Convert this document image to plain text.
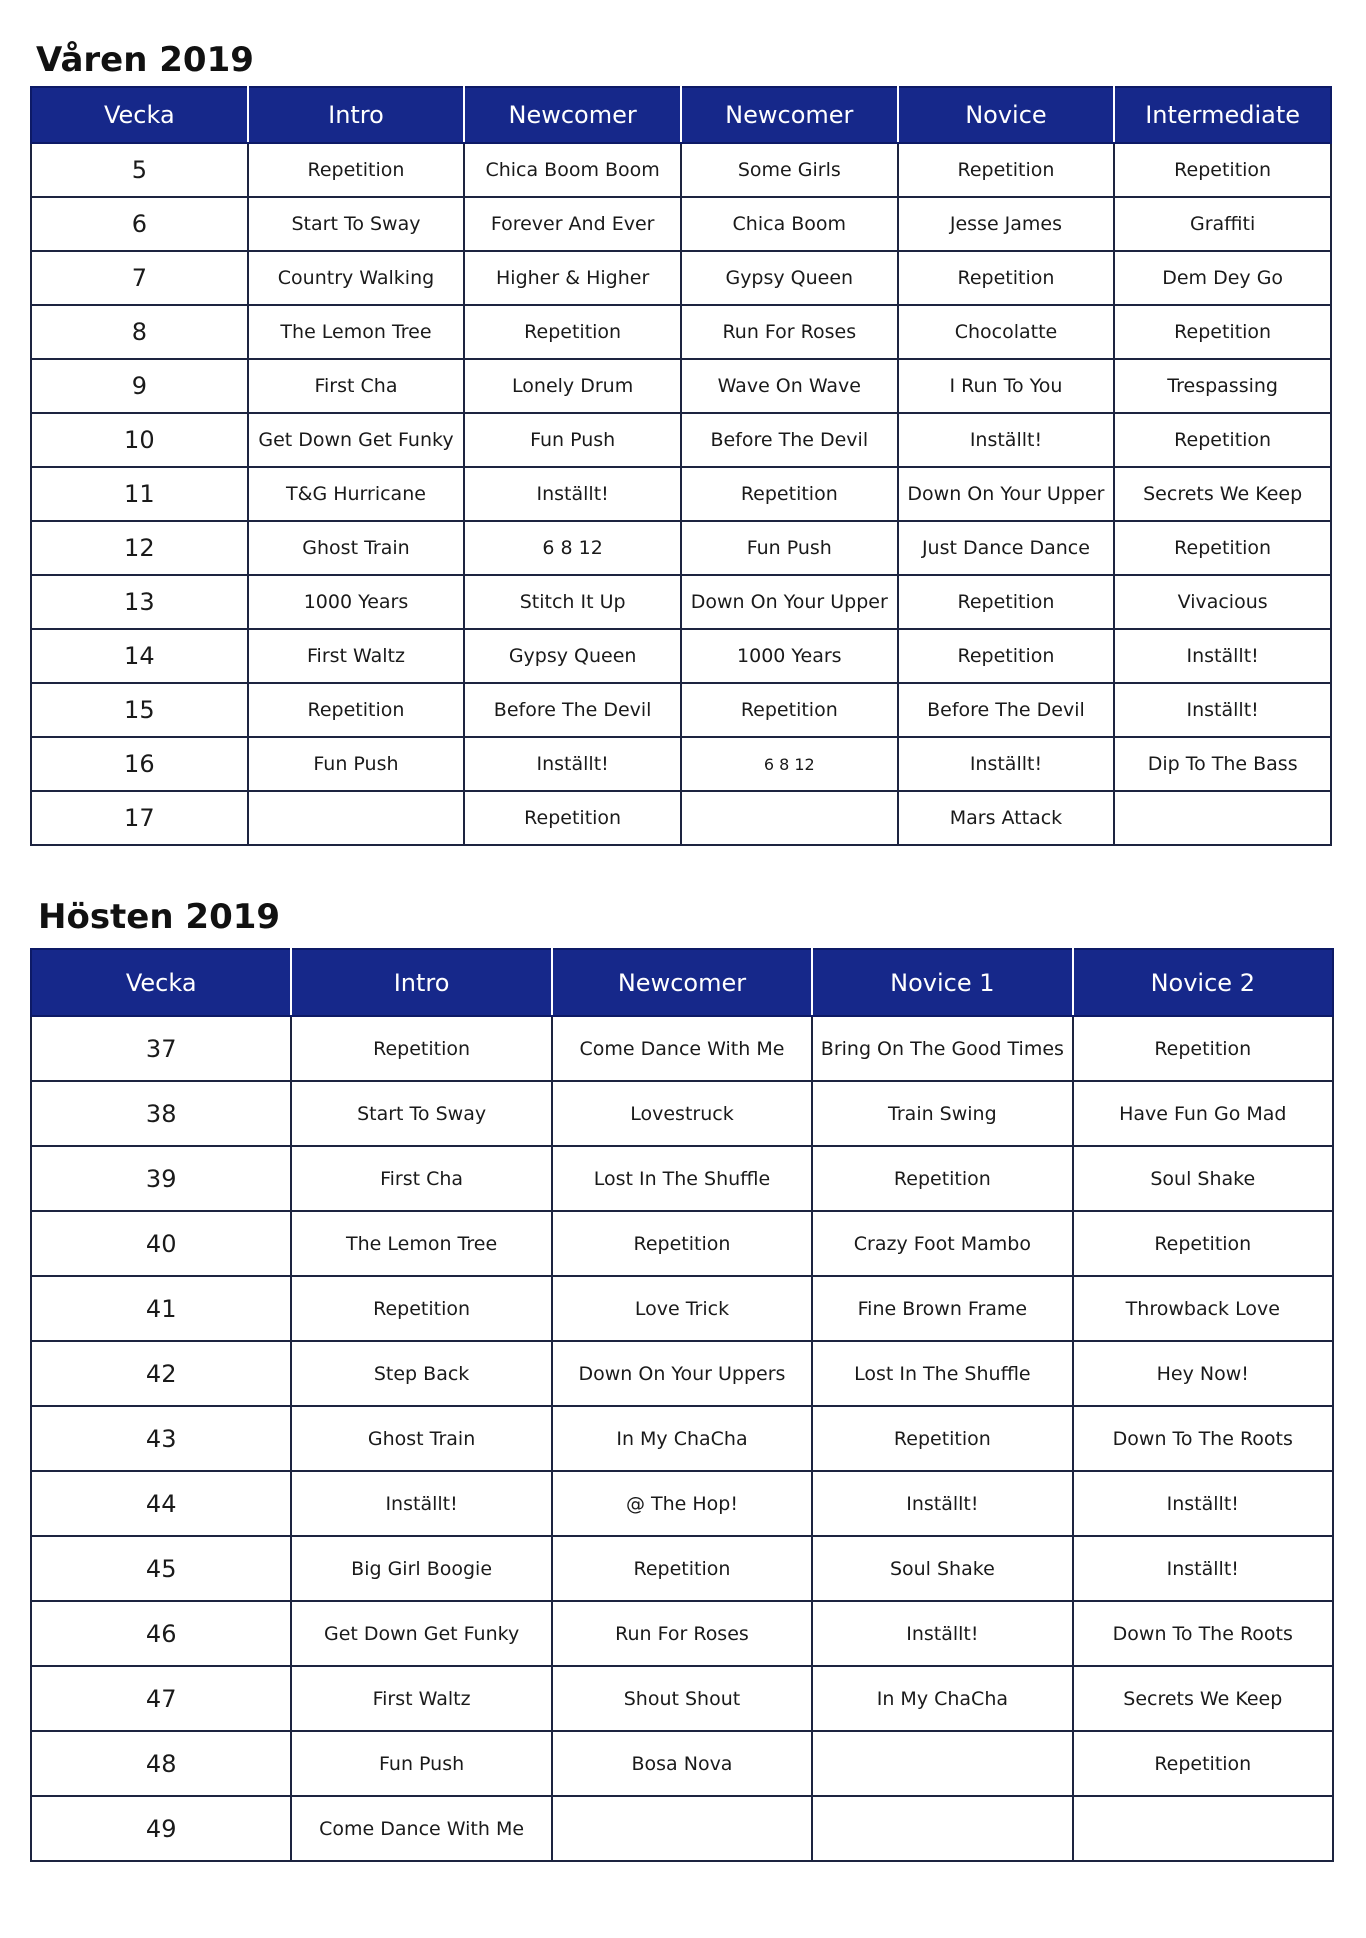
Våren 2019
Vecka	Intro	Newcomer	Newcomer	Novice	Intermediate
5	Repetition	Chica Boom Boom	Some Girls	Repetition	Repetition
6	Start To Sway	Forever And Ever	Chica Boom	Jesse James	Graffiti
7	Country Walking	Higher & Higher	Gypsy Queen	Repetition	Dem Dey Go
8	The Lemon Tree	Repetition	Run For Roses	Chocolatte	Repetition
9	First Cha	Lonely Drum	Wave On Wave	I Run To You	Trespassing
10	Get Down Get Funky	Fun Push	Before The Devil	Inställt!	Repetition
11	T&G Hurricane	Inställt!	Repetition	Down On Your Upper	Secrets We Keep
12	Ghost Train	6 8 12	Fun Push	Just Dance Dance	Repetition
13	1000 Years	Stitch It Up	Down On Your Upper	Repetition	Vivacious
14	First Waltz	Gypsy Queen	1000 Years	Repetition	Inställt!
15	Repetition	Before The Devil	Repetition	Before The Devil	Inställt!
16	Fun Push	Inställt!	6 8 12	Inställt!	Dip To The Bass
17		Repetition		Mars Attack	
Hösten 2019
Vecka	Intro	Newcomer	Novice 1	Novice 2
37	Repetition	Come Dance With Me	Bring On The Good Times	Repetition
38	Start To Sway	Lovestruck	Train Swing	Have Fun Go Mad
39	First Cha	Lost In The Shuffle	Repetition	Soul Shake
40	The Lemon Tree	Repetition	Crazy Foot Mambo	Repetition
41	Repetition	Love Trick	Fine Brown Frame	Throwback Love
42	Step Back	Down On Your Uppers	Lost In The Shuffle	Hey Now!
43	Ghost Train	In My ChaCha	Repetition	Down To The Roots
44	Inställt!	@ The Hop!	Inställt!	Inställt!
45	Big Girl Boogie	Repetition	Soul Shake	Inställt!
46	Get Down Get Funky	Run For Roses	Inställt!	Down To The Roots
47	First Waltz	Shout Shout	In My ChaCha	Secrets We Keep
48	Fun Push	Bosa Nova		Repetition
49	Come Dance With Me			
